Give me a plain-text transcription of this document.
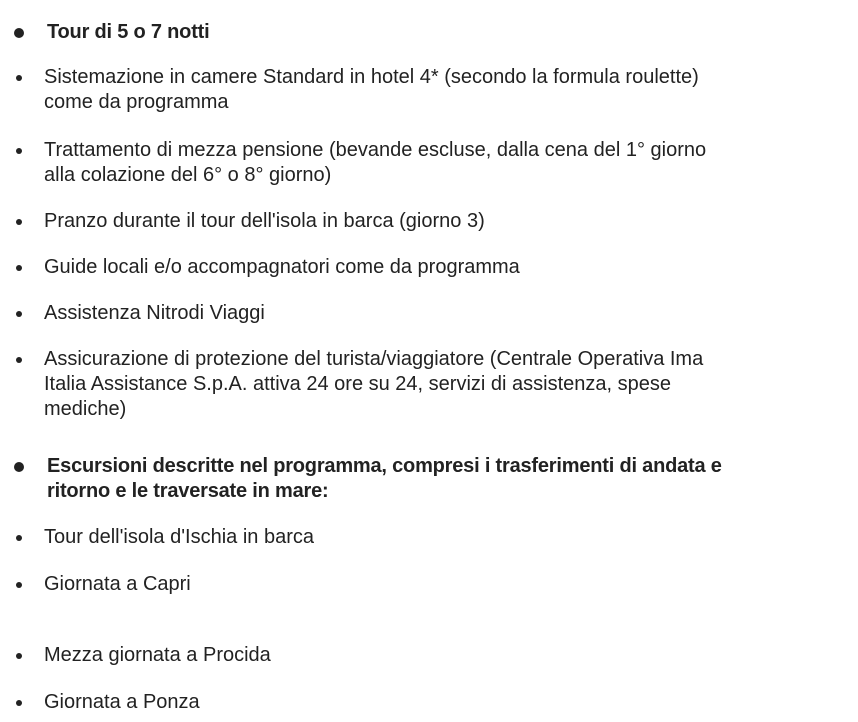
Tour di 5 o 7 notti
Sistemazione in camere Standard in hotel 4* (secondo la formula roulette)
come da programma
Trattamento di mezza pensione (bevande escluse, dalla cena del 1° giorno
alla colazione del 6° o 8° giorno)
Pranzo durante il tour dell'isola in barca (giorno 3)
Guide locali e/o accompagnatori come da programma
Assistenza Nitrodi Viaggi
Assicurazione di protezione del turista/viaggiatore (Centrale Operativa Ima
Italia Assistance S.p.A. attiva 24 ore su 24, servizi di assistenza, spese
mediche)
Escursioni descritte nel programma, compresi i trasferimenti di andata e
ritorno e le traversate in mare:
Tour dell'isola d'Ischia in barca
Giornata a Capri
Mezza giornata a Procida
Giornata a Ponza
